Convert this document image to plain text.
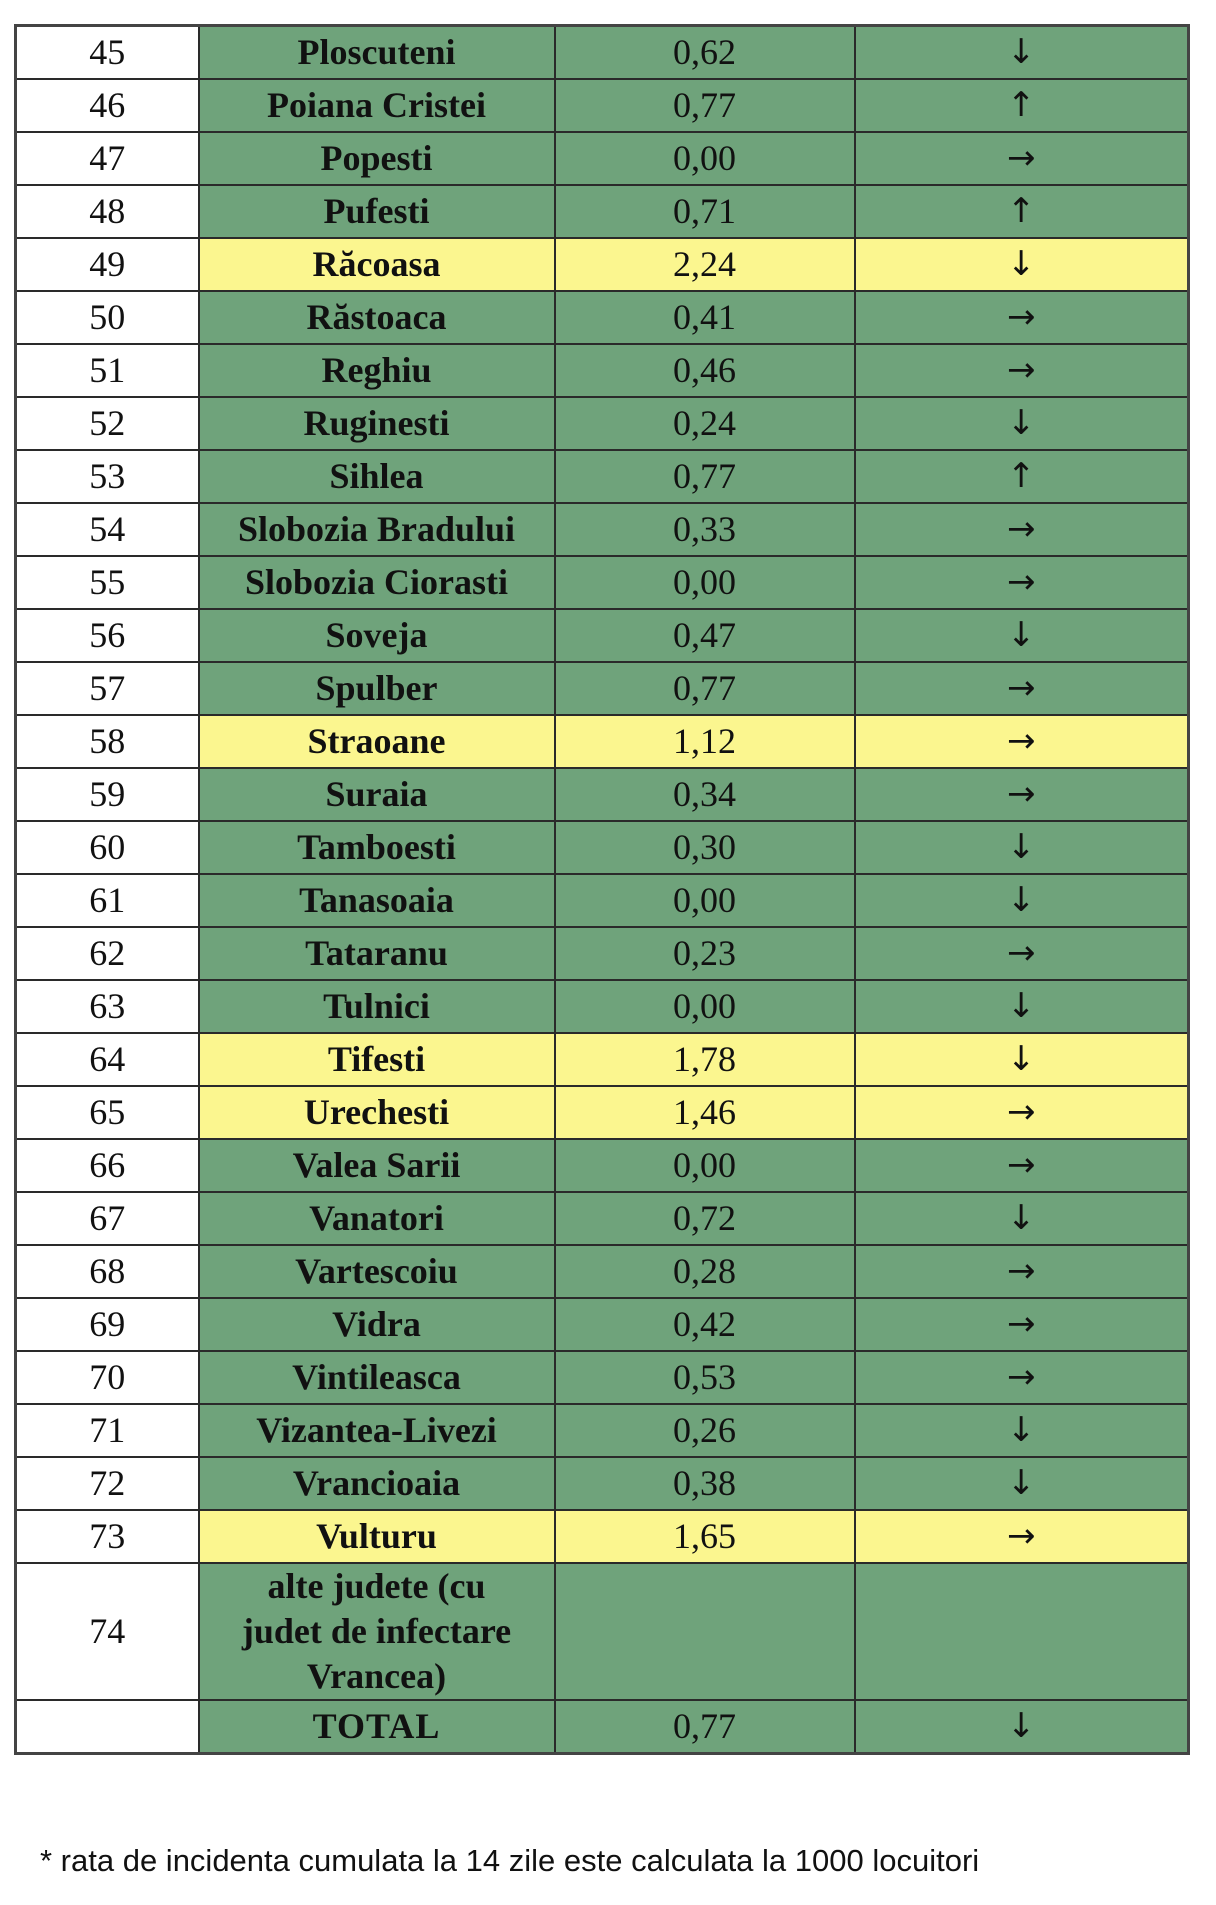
45	Ploscuteni	0,62	↓
46	Poiana Cristei	0,77	↑
47	Popesti	0,00	→
48	Pufesti	0,71	↑
49	Răcoasa	2,24	↓
50	Răstoaca	0,41	→
51	Reghiu	0,46	→
52	Ruginesti	0,24	↓
53	Sihlea	0,77	↑
54	Slobozia Bradului	0,33	→
55	Slobozia Ciorasti	0,00	→
56	Soveja	0,47	↓
57	Spulber	0,77	→
58	Straoane	1,12	→
59	Suraia	0,34	→
60	Tamboesti	0,30	↓
61	Tanasoaia	0,00	↓
62	Tataranu	0,23	→
63	Tulnici	0,00	↓
64	Tifesti	1,78	↓
65	Urechesti	1,46	→
66	Valea Sarii	0,00	→
67	Vanatori	0,72	↓
68	Vartescoiu	0,28	→
69	Vidra	0,42	→
70	Vintileasca	0,53	→
71	Vizantea-Livezi	0,26	↓
72	Vrancioaia	0,38	↓
73	Vulturu	1,65	→
74	alte judete (cu
judet de infectare
Vrancea)		

	TOTAL	0,77	↓
* rata de incidenta cumulata la 14 zile este calculata la 1000 locuitori
